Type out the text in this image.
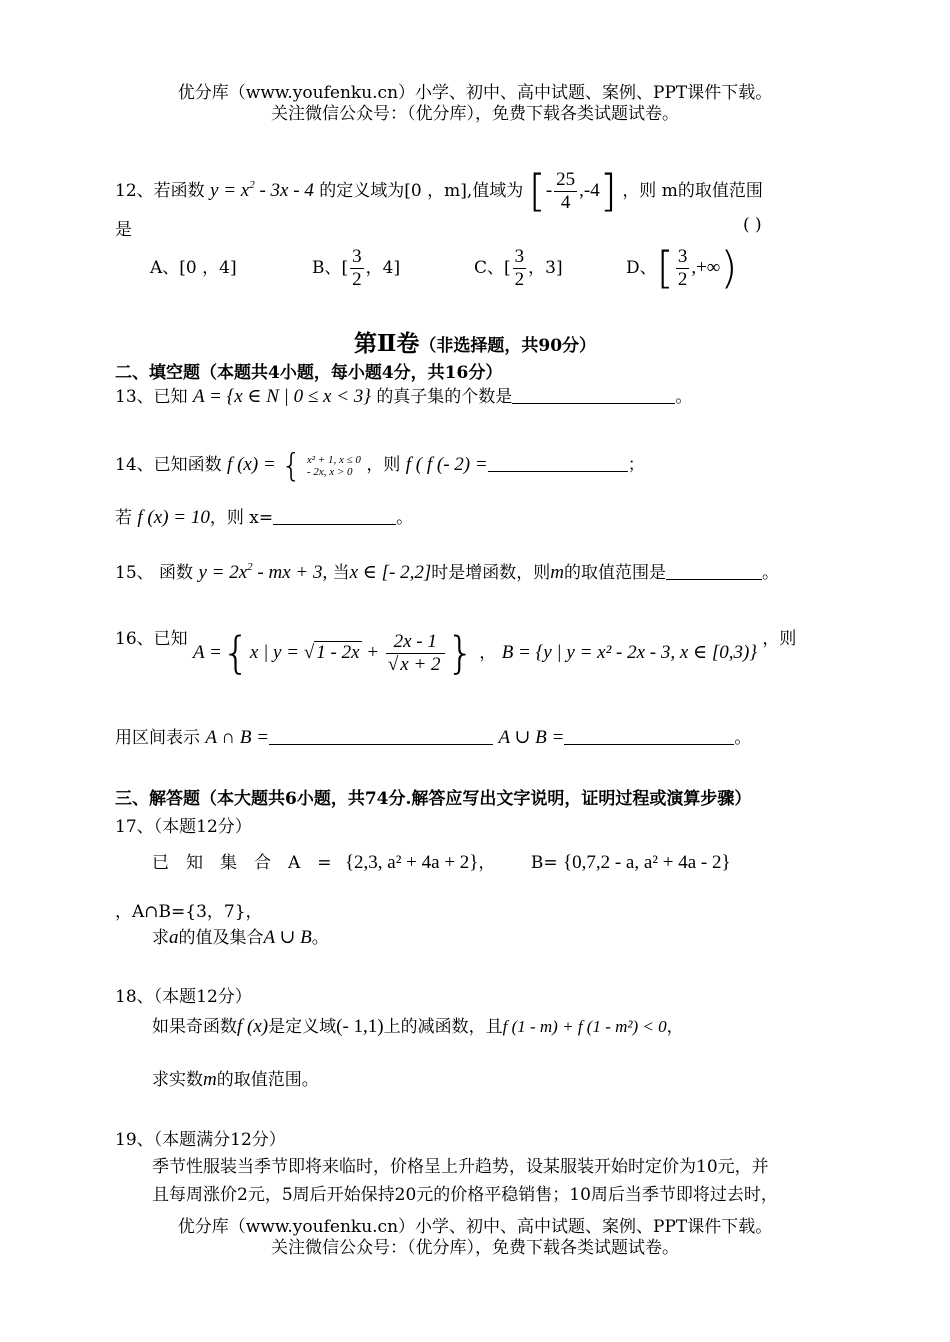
优分库（www.youfenku.cn）小学、初中、高中试题、案例、PPT课件下载。
关注微信公众号：（优分库），免费下载各类试题试卷。
12、若函数 $y = x^2 - 3x - 4$ 的定义域为[0 ，m],值域为 [- $\frac{25}{4} ,-4$] ，则 m的取值范围
是	( )
A、[0 ，4]	B、[ $\frac{3}{2}$ ，4]	C、[ $\frac{3}{2}$ ，3]	D、[ $\frac{3}{2}$ ,+∞)
第Ⅱ卷（非选择题，共90分）
二、填空题（本题共4小题，每小题4分，共16分）
13、已知 A = {x ∈ N | 0 ≤ x < 3} 的真子集的个数是	。
14、已知函数 f (x) = { x² + 1, x ≤ 0
- 2x, x > 0 ，则 f ( f (- 2) =	；
若 f (x) = 10，则 x=	。
15、 函数 $y = 2x^2$ - mx + 3, 当x ∈ [- 2,2]时是增函数，则m的取值范围是	。
16、已知 A ={x | y = √ $1 - 2x + \frac{2x - 1}{√ x + 2}$ } ， B = {y | y = x² - 2x - 3, x ∈ [0,3)} ，则
用区间表示 A ∩ B =	A ∪ B =	。
三、解答题（本大题共6小题，共74分.解答应写出文字说明，证明过程或演算步骤）
17、（本题12分）
已　知　集　合　A　= {2,3, a² + 4a + 2}， B= {0,7,2 - a, a² + 4a - 2}
，A∩B={3，7}，
求a的值及集合A ∪ B。
18、（本题12分）
如果奇函数f (x)是定义域(- 1,1)上的减函数，且f (1 - m) + f (1 - m²) < 0，
求实数m的取值范围。
19、（本题满分12分）
季节性服装当季节即将来临时，价格呈上升趋势，设某服装开始时定价为10元，并
且每周涨价2元，5周后开始保持20元的价格平稳销售；10周后当季节即将过去时，
优分库（www.youfenku.cn）小学、初中、高中试题、案例、PPT课件下载。
关注微信公众号：（优分库），免费下载各类试题试卷。
